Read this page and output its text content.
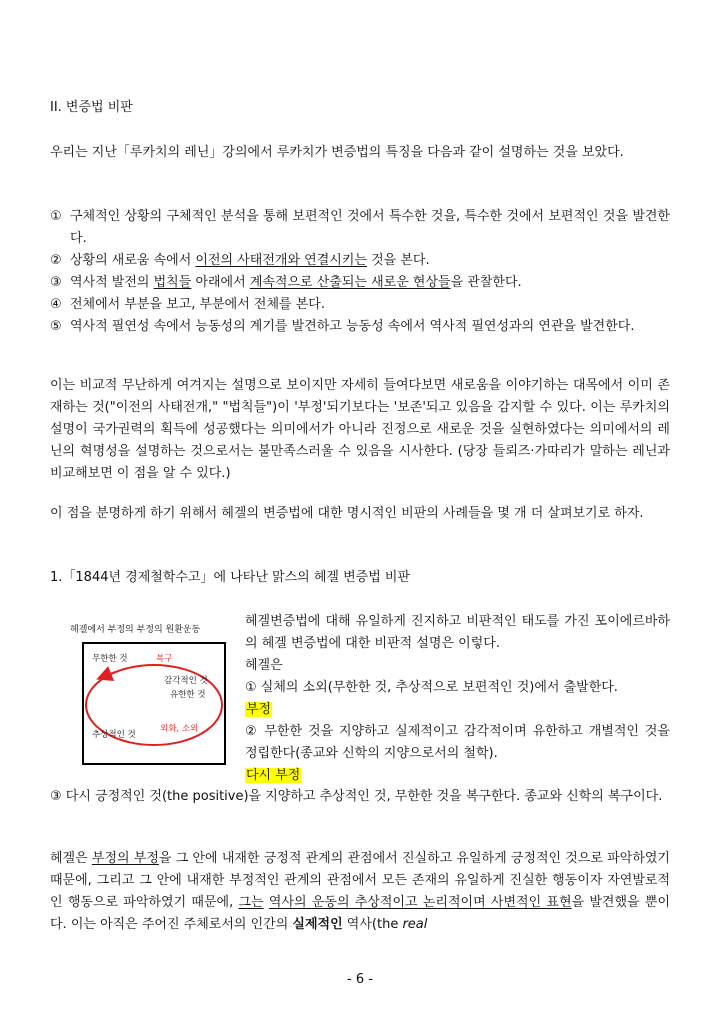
II. 변증법 비판
우리는 지난「루카치의 레닌」강의에서 루카치가 변증법의 특징을 다음과 같이 설명하는 것을 보았다.
① 구체적인 상황의 구체적인 분석을 통해 보편적인 것에서 특수한 것을, 특수한 것에서 보편적인 것을 발견한다.
② 상황의 새로움 속에서 이전의 사태전개와 연결시키는 것을 본다.
③ 역사적 발전의 법칙들 아래에서 계속적으로 산출되는 새로운 현상들을 관찰한다.
④ 전체에서 부분을 보고, 부분에서 전체를 본다.
⑤ 역사적 필연성 속에서 능동성의 계기를 발견하고 능동성 속에서 역사적 필연성과의 연관을 발견한다.
이는 비교적 무난하게 여겨지는 설명으로 보이지만 자세히 들여다보면 새로움을 이야기하는 대목에서 이미 존재하는 것("이전의 사태전개," "법칙들")이 '부정'되기보다는 '보존'되고 있음을 감지할 수 있다. 이는 루카치의 설명이 국가권력의 획득에 성공했다는 의미에서가 아니라 진정으로 새로운 것을 실현하였다는 의미에서의 레닌의 혁명성을 설명하는 것으로서는 불만족스러울 수 있음을 시사한다. (당장 들뢰즈·가따리가 말하는 레닌과 비교해보면 이 점을 알 수 있다.)
이 점을 분명하게 하기 위해서 헤겔의 변증법에 대한 명시적인 비판의 사례들을 몇 개 더 살펴보기로 하자.
1.「1844년 경제철학수고」에 나타난 맑스의 헤겔 변증법 비판
헤겔에서 부정의 부정의 원환운동
무한한 것	복구
감각적인 것
유한한 것
추상적인 것
외화, 소외
헤겔변증법에 대해 유일하게 진지하고 비판적인 태도를 가진 포이에르바하의 헤겔 변증법에 대한 비판적 설명은 이렇다.
헤겔은
① 실체의 소외(무한한 것, 추상적으로 보편적인 것)에서 출발한다.
부정
② 무한한 것을 지양하고 실제적이고 감각적이며 유한하고 개별적인 것을 정립한다(종교와 신학의 지양으로서의 철학).
다시 부정
③ 다시 긍정적인 것(the positive)을 지양하고 추상적인 것, 무한한 것을 복구한다. 종교와 신학의 복구이다.
헤겔은 부정의 부정을 그 안에 내재한 긍정적 관계의 관점에서 진실하고 유일하게 긍정적인 것으로 파악하였기 때문에, 그리고 그 안에 내재한 부정적인 관계의 관점에서 모든 존재의 유일하게 진실한 행동이자 자연발로적인 행동으로 파악하였기 때문에, 그는 역사의 운동의 추상적이고 논리적이며 사변적인 표현을 발견했을 뿐이다. 이는 아직은 주어진 주체로서의 인간의 실제적인 역사(the real
- 6 -
